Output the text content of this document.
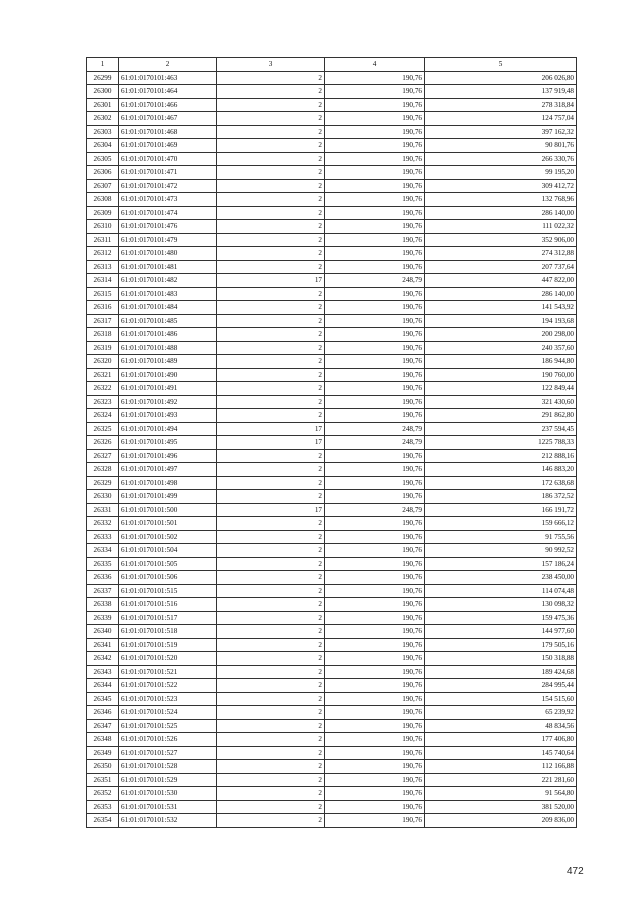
1	2	3	4	5
26299	61:01:0170101:463	2	190,76	206 026,80
26300	61:01:0170101:464	2	190,76	137 919,48
26301	61:01:0170101:466	2	190,76	278 318,84
26302	61:01:0170101:467	2	190,76	124 757,04
26303	61:01:0170101:468	2	190,76	397 162,32
26304	61:01:0170101:469	2	190,76	90 801,76
26305	61:01:0170101:470	2	190,76	266 330,76
26306	61:01:0170101:471	2	190,76	99 195,20
26307	61:01:0170101:472	2	190,76	309 412,72
26308	61:01:0170101:473	2	190,76	132 768,96
26309	61:01:0170101:474	2	190,76	286 140,00
26310	61:01:0170101:476	2	190,76	111 022,32
26311	61:01:0170101:479	2	190,76	352 906,00
26312	61:01:0170101:480	2	190,76	274 312,88
26313	61:01:0170101:481	2	190,76	207 737,64
26314	61:01:0170101:482	17	248,79	447 822,00
26315	61:01:0170101:483	2	190,76	286 140,00
26316	61:01:0170101:484	2	190,76	141 543,92
26317	61:01:0170101:485	2	190,76	194 193,68
26318	61:01:0170101:486	2	190,76	200 298,00
26319	61:01:0170101:488	2	190,76	240 357,60
26320	61:01:0170101:489	2	190,76	186 944,80
26321	61:01:0170101:490	2	190,76	190 760,00
26322	61:01:0170101:491	2	190,76	122 849,44
26323	61:01:0170101:492	2	190,76	321 430,60
26324	61:01:0170101:493	2	190,76	291 862,80
26325	61:01:0170101:494	17	248,79	237 594,45
26326	61:01:0170101:495	17	248,79	1225 788,33
26327	61:01:0170101:496	2	190,76	212 888,16
26328	61:01:0170101:497	2	190,76	146 883,20
26329	61:01:0170101:498	2	190,76	172 638,68
26330	61:01:0170101:499	2	190,76	186 372,52
26331	61:01:0170101:500	17	248,79	166 191,72
26332	61:01:0170101:501	2	190,76	159 666,12
26333	61:01:0170101:502	2	190,76	91 755,56
26334	61:01:0170101:504	2	190,76	90 992,52
26335	61:01:0170101:505	2	190,76	157 186,24
26336	61:01:0170101:506	2	190,76	238 450,00
26337	61:01:0170101:515	2	190,76	114 074,48
26338	61:01:0170101:516	2	190,76	130 098,32
26339	61:01:0170101:517	2	190,76	159 475,36
26340	61:01:0170101:518	2	190,76	144 977,60
26341	61:01:0170101:519	2	190,76	179 505,16
26342	61:01:0170101:520	2	190,76	150 318,88
26343	61:01:0170101:521	2	190,76	189 424,68
26344	61:01:0170101:522	2	190,76	284 995,44
26345	61:01:0170101:523	2	190,76	154 515,60
26346	61:01:0170101:524	2	190,76	65 239,92
26347	61:01:0170101:525	2	190,76	48 834,56
26348	61:01:0170101:526	2	190,76	177 406,80
26349	61:01:0170101:527	2	190,76	145 740,64
26350	61:01:0170101:528	2	190,76	112 166,88
26351	61:01:0170101:529	2	190,76	221 281,60
26352	61:01:0170101:530	2	190,76	91 564,80
26353	61:01:0170101:531	2	190,76	381 520,00
26354	61:01:0170101:532	2	190,76	209 836,00
472
